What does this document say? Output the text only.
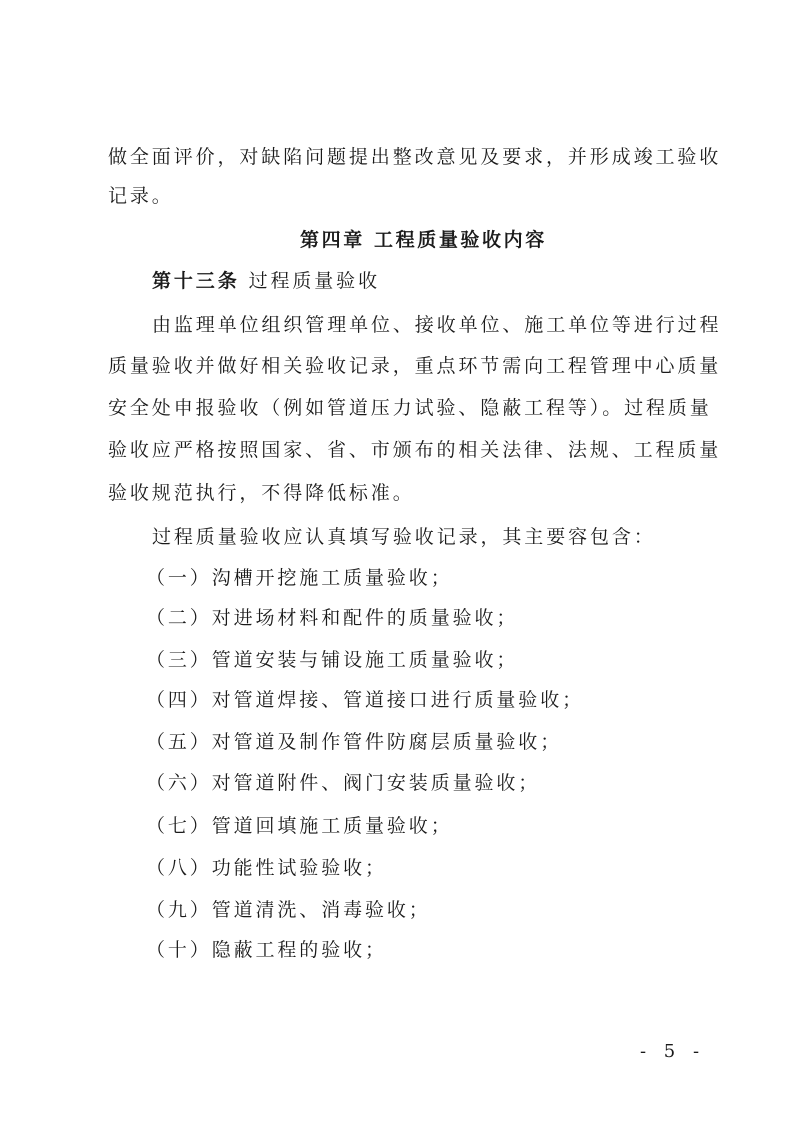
做全面评价，对缺陷问题提出整改意见及要求，并形成竣工验收
记录。
第四章 工程质量验收内容
第十三条 过程质量验收
由监理单位组织管理单位、接收单位、施工单位等进行过程
质量验收并做好相关验收记录，重点环节需向工程管理中心质量
安全处申报验收（例如管道压力试验、隐蔽工程等）。过程质量
验收应严格按照国家、省、市颁布的相关法律、法规、工程质量
验收规范执行，不得降低标准。
过程质量验收应认真填写验收记录，其主要容包含：
（一）沟槽开挖施工质量验收；
（二）对进场材料和配件的质量验收；
（三）管道安装与铺设施工质量验收；
（四）对管道焊接、管道接口进行质量验收；
（五）对管道及制作管件防腐层质量验收；
（六）对管道附件、阀门安装质量验收；
（七）管道回填施工质量验收；
（八）功能性试验验收；
（九）管道清洗、消毒验收；
（十）隐蔽工程的验收；
- 5 -
